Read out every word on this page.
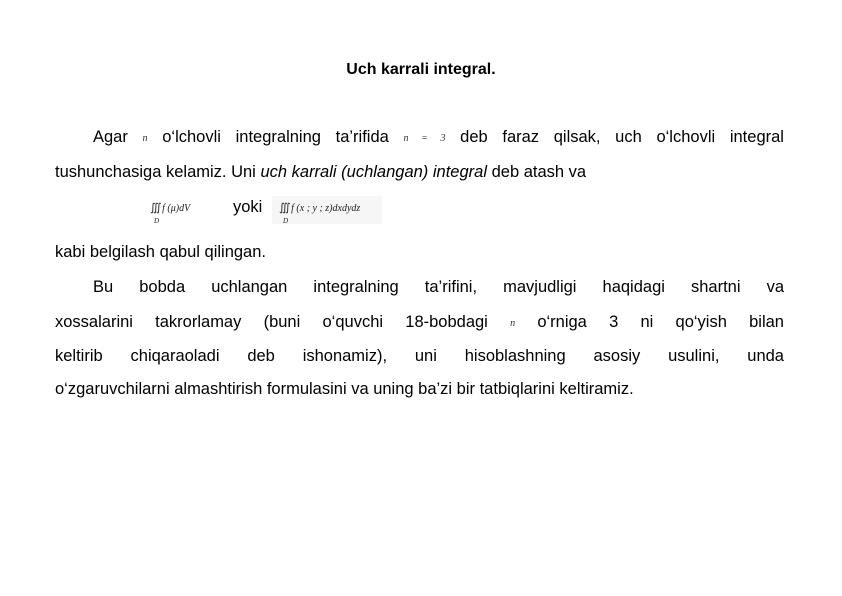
Uch karrali integral.
Agar n o‘lchovli integralning ta’rifida n = 3 deb faraz qilsak, uch o‘lchovli integral
tushunchasiga kelamiz. Uni uch karrali (uchlangan) integral deb atash va
∭ f (μ)dV
D
yoki ∭ f (x ; y ; z)dxdydz
D
kabi belgilash qabul qilingan.
Bu bobda uchlangan integralning ta’rifini, mavjudligi haqidagi shartni va
xossalarini takrorlamay (buni o‘quvchi 18-bobdagi n o‘rniga 3 ni qo‘yish bilan
keltirib chiqaraoladi deb ishonamiz), uni hisoblashning asosiy usulini, unda
o‘zgaruvchilarni almashtirish formulasini va uning ba’zi bir tatbiqlarini keltiramiz.
